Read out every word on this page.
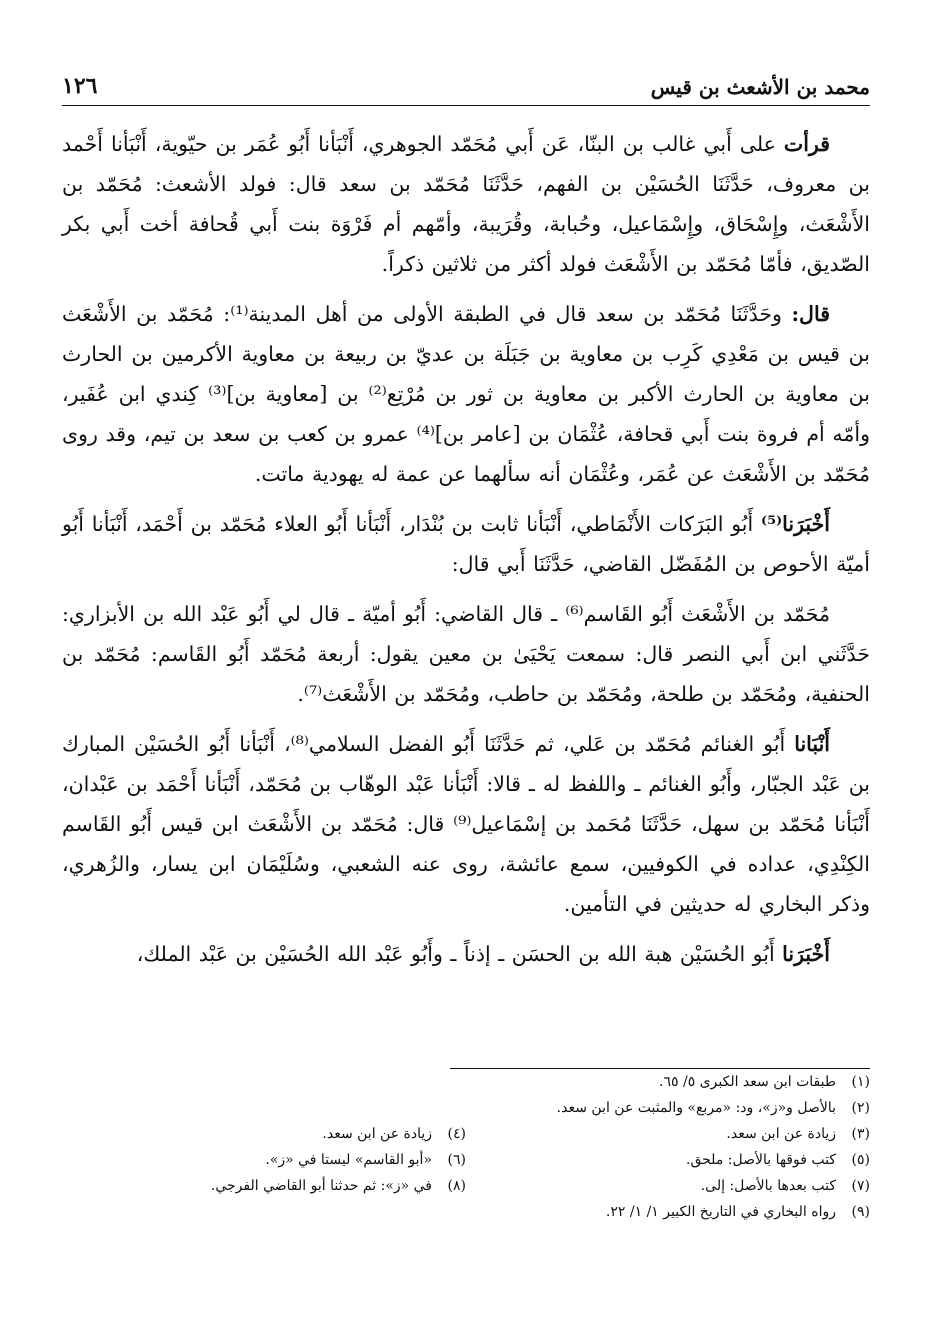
محمد بن الأشعث بن قيس
١٢٦

قرأت على أَبي غالب بن البنّا، عَن أَبي مُحَمّد الجوهري، أَنْبَأنا أَبُو عُمَر بن حيّوية، أَنْبَأنا أَحْمد بن معروف، حَدَّثَنَا الحُسَيْن بن الفهم، حَدَّثَنَا مُحَمّد بن سعد قال: فولد الأشعث: مُحَمّد بن الأَشْعَث، وإِسْحَاق، وإِسْمَاعيل، وحُبابة، وقُرَيبة، وأمّهم أم فَرْوَة بنت أَبي قُحافة أخت أَبي بكر الصّديق، فأمّا مُحَمّد بن الأَشْعَث فولد أكثر من ثلاثين ذكراً.

قال: وحَدَّثَنَا مُحَمّد بن سعد قال في الطبقة الأولى من أهل المدينة⁽¹⁾: مُحَمّد بن الأَشْعَث بن قيس بن مَعْدِي كَرِب بن معاوية بن جَبَلَة بن عديّ بن ربيعة بن معاوية الأكرمين بن الحارث بن معاوية بن الحارث الأكبر بن معاوية بن ثور بن مُرْتِع⁽²⁾ بن [معاوية بن]⁽³⁾ كِندي ابن عُفَير، وأمّه أم فروة بنت أَبي قحافة، عُثْمَان بن [عامر بن]⁽⁴⁾ عمرو بن كعب بن سعد بن تيم، وقد روى مُحَمّد بن الأَشْعَث عن عُمَر، وعُثْمَان أنه سألهما عن عمة له يهودية ماتت.

أَخْبَرَنا⁽⁵⁾ أَبُو البَرَكات الأَنْمَاطي، أَنْبَأنا ثابت بن بُنْدَار، أَنْبَأنا أَبُو العلاء مُحَمّد بن أَحْمَد، أَنْبَأنا أَبُو أميّة الأحوص بن المُفَضّل القاضي، حَدَّثَنَا أَبي قال:

مُحَمّد بن الأَشْعَث أَبُو القَاسم⁽⁶⁾ ـ قال القاضي: أَبُو أميّة ـ قال لي أَبُو عَبْد الله بن الأبزاري: حَدَّثَني ابن أَبي النصر قال: سمعت يَحْيَىٰ بن معين يقول: أربعة مُحَمّد أَبُو القَاسم: مُحَمّد بن الحنفية، ومُحَمّد بن طلحة، ومُحَمّد بن حاطب، ومُحَمّد بن الأَشْعَث⁽⁷⁾.

أَنْبَانا أَبُو الغنائم مُحَمّد بن عَلي، ثم حَدَّثَنَا أَبُو الفضل السلامي⁽⁸⁾، أَنْبَأنا أَبُو الحُسَيْن المبارك بن عَبْد الجبّار، وأَبُو الغنائم ـ واللفظ له ـ قالا: أَنْبَأنا عَبْد الوهّاب بن مُحَمّد، أَنْبَأنا أَحْمَد بن عَبْدان، أَنْبَأنا مُحَمّد بن سهل، حَدَّثَنَا مُحَمد بن إسْمَاعيل⁽⁹⁾ قال: مُحَمّد بن الأَشْعَث ابن قيس أَبُو القَاسم الكِنْدِي، عداده في الكوفيين، سمع عائشة، روى عنه الشعبي، وسُلَيْمَان ابن يسار، والزُهري، وذكر البخاري له حديثين في التأمين.

أَخْبَرَنا أَبُو الحُسَيْن هبة الله بن الحسَن ـ إذناً ـ وأَبُو عَبْد الله الحُسَيْن بن عَبْد الملك،

(١)
طبقات ابن سعد الكبرى ٥/ ٦٥.
(٢)
بالأصل و«ز»، ود: «مربع» والمثبت عن ابن سعد.
(٣)
زيادة عن ابن سعد.
(٤)
زيادة عن ابن سعد.
(٥)
كتب فوقها بالأصل: ملحق.
(٦)
«أبو القاسم» ليستا في «ز».
(٧)
كتب بعدها بالأصل: إلى.
(٨)
في «ز»: ثم حدثنا أبو القاضي الفرجي.
(٩)
رواه البخاري في التاريخ الكبير ١/ ١/ ٢٢.
